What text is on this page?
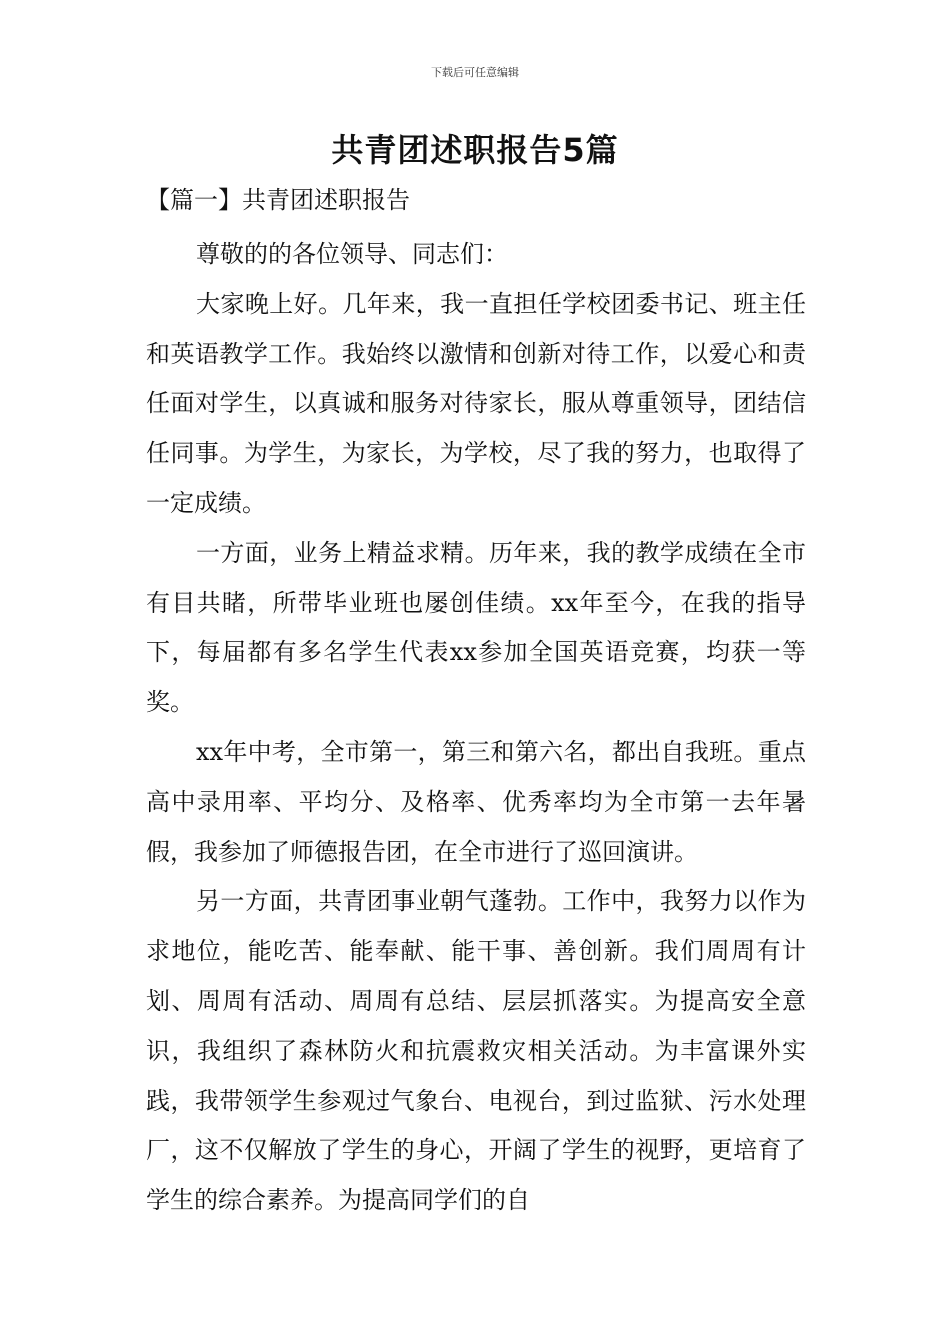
下载后可任意编辑
共青团述职报告5篇
【篇一】共青团述职报告

尊敬的的各位领导、同志们：

大家晚上好。几年来，我一直担任学校团委书记、班主任和英语教学工作。我始终以激情和创新对待工作，以爱心和责任面对学生，以真诚和服务对待家长，服从尊重领导，团结信任同事。为学生，为家长，为学校，尽了我的努力，也取得了一定成绩。

一方面，业务上精益求精。历年来，我的教学成绩在全市有目共睹，所带毕业班也屡创佳绩。xx年至今，在我的指导下，每届都有多名学生代表xx参加全国英语竞赛，均获一等奖。

xx年中考，全市第一，第三和第六名，都出自我班。重点高中录用率、平均分、及格率、优秀率均为全市第一去年暑假，我参加了师德报告团，在全市进行了巡回演讲。

另一方面，共青团事业朝气蓬勃。工作中，我努力以作为求地位，能吃苦、能奉献、能干事、善创新。我们周周有计划、周周有活动、周周有总结、层层抓落实。为提高安全意识，我组织了森林防火和抗震救灾相关活动。为丰富课外实践，我带领学生参观过气象台、电视台，到过监狱、污水处理厂，这不仅解放了学生的身心，开阔了学生的视野，更培育了学生的综合素养。为提高同学们的自
